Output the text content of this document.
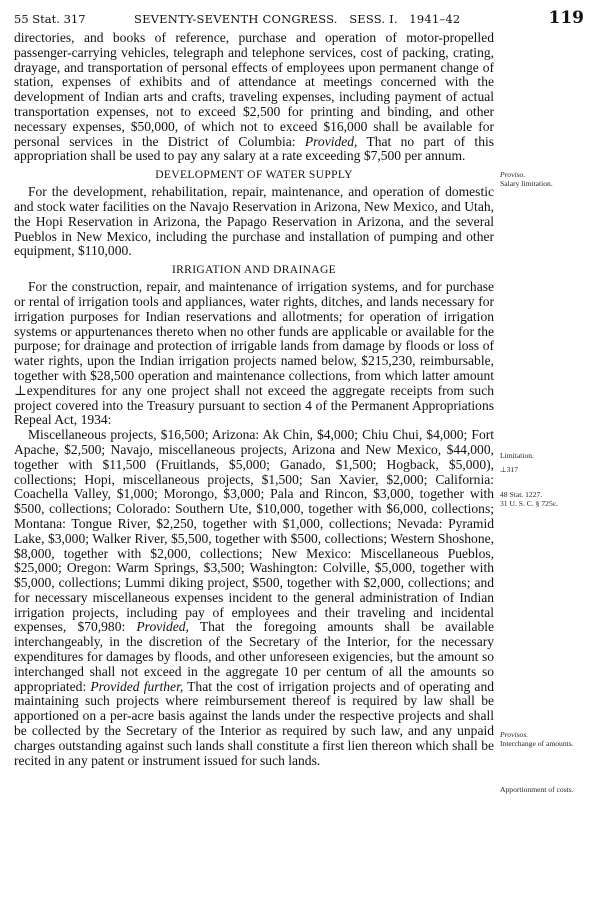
55 Stat. 317	SEVENTY-SEVENTH CONGRESS.   SESS. I.   1941–42	119

directories, and books of reference, purchase and operation of motor-propelled passenger-carrying vehicles, telegraph and telephone services, cost of packing, crating, drayage, and transportation of personal effects of employees upon permanent change of station, expenses of exhibits and of attendance at meetings concerned with the development of Indian arts and crafts, traveling expenses, including payment of actual transportation expenses, not to exceed $2,500 for printing and binding, and other necessary expenses, $50,000, of which not to exceed $16,000 shall be available for personal services in the District of Columbia: Provided, That no part of this appropriation shall be used to pay any salary at a rate exceeding $7,500 per annum.

DEVELOPMENT OF WATER SUPPLY

For the development, rehabilitation, repair, maintenance, and operation of domestic and stock water facilities on the Navajo Reservation in Arizona, New Mexico, and Utah, the Hopi Reservation in Arizona, the Papago Reservation in Arizona, and the several Pueblos in New Mexico, including the purchase and installation of pumping and other equipment, $110,000.

IRRIGATION AND DRAINAGE

For the construction, repair, and maintenance of irrigation systems, and for purchase or rental of irrigation tools and appliances, water rights, ditches, and lands necessary for irrigation purposes for Indian reservations and allotments; for operation of irrigation systems or appurtenances thereto when no other funds are applicable or available for the purpose; for drainage and protection of irrigable lands from damage by floods or loss of water rights, upon the Indian irrigation projects named below, $215,230, reimbursable, together with $28,500 operation and maintenance collections, from which latter amount ⊥expenditures for any one project shall not exceed the aggregate receipts from such project covered into the Treasury pursuant to section 4 of the Permanent Appropriations Repeal Act, 1934:

Miscellaneous projects, $16,500; Arizona: Ak Chin, $4,000; Chiu Chui, $4,000; Fort Apache, $2,500; Navajo, miscellaneous projects, Arizona and New Mexico, $44,000, together with $11,500 (Fruitlands, $5,000; Ganado, $1,500; Hogback, $5,000), collections; Hopi, miscellaneous projects, $1,500; San Xavier, $2,000; California: Coachella Valley, $1,000; Morongo, $3,000; Pala and Rincon, $3,000, together with $500, collections; Colorado: Southern Ute, $10,000, together with $6,000, collections; Montana: Tongue River, $2,250, together with $1,000, collections; Nevada: Pyramid Lake, $3,000; Walker River, $5,500, together with $500, collections; Western Shoshone, $8,000, together with $2,000, collections; New Mexico: Miscellaneous Pueblos, $25,000; Oregon: Warm Springs, $3,500; Washington: Colville, $5,000, together with $5,000, collections; Lummi diking project, $500, together with $2,000, collections; and for necessary miscellaneous expenses incident to the general administration of Indian irrigation projects, including pay of employees and their traveling and incidental expenses, $70,980: Provided, That the foregoing amounts shall be available interchangeably, in the discretion of the Secretary of the Interior, for the necessary expenditures for damages by floods, and other unforeseen exigencies, but the amount so interchanged shall not exceed in the aggregate 10 per centum of all the amounts so appropriated: Provided further, That the cost of irrigation projects and of operating and maintaining such projects where reimbursement thereof is required by law shall be apportioned on a per-acre basis against the lands under the respective projects and shall be collected by the Secretary of the Interior as required by such law, and any unpaid charges outstanding against such lands shall constitute a first lien thereon which shall be recited in any patent or instrument issued for such lands.

Proviso.
Salary limitation.
Limitation.
⊥317
48 Stat. 1227.
31 U. S. C. § 725c.
Provisos.
Interchange of amounts.
Apportionment of costs.
